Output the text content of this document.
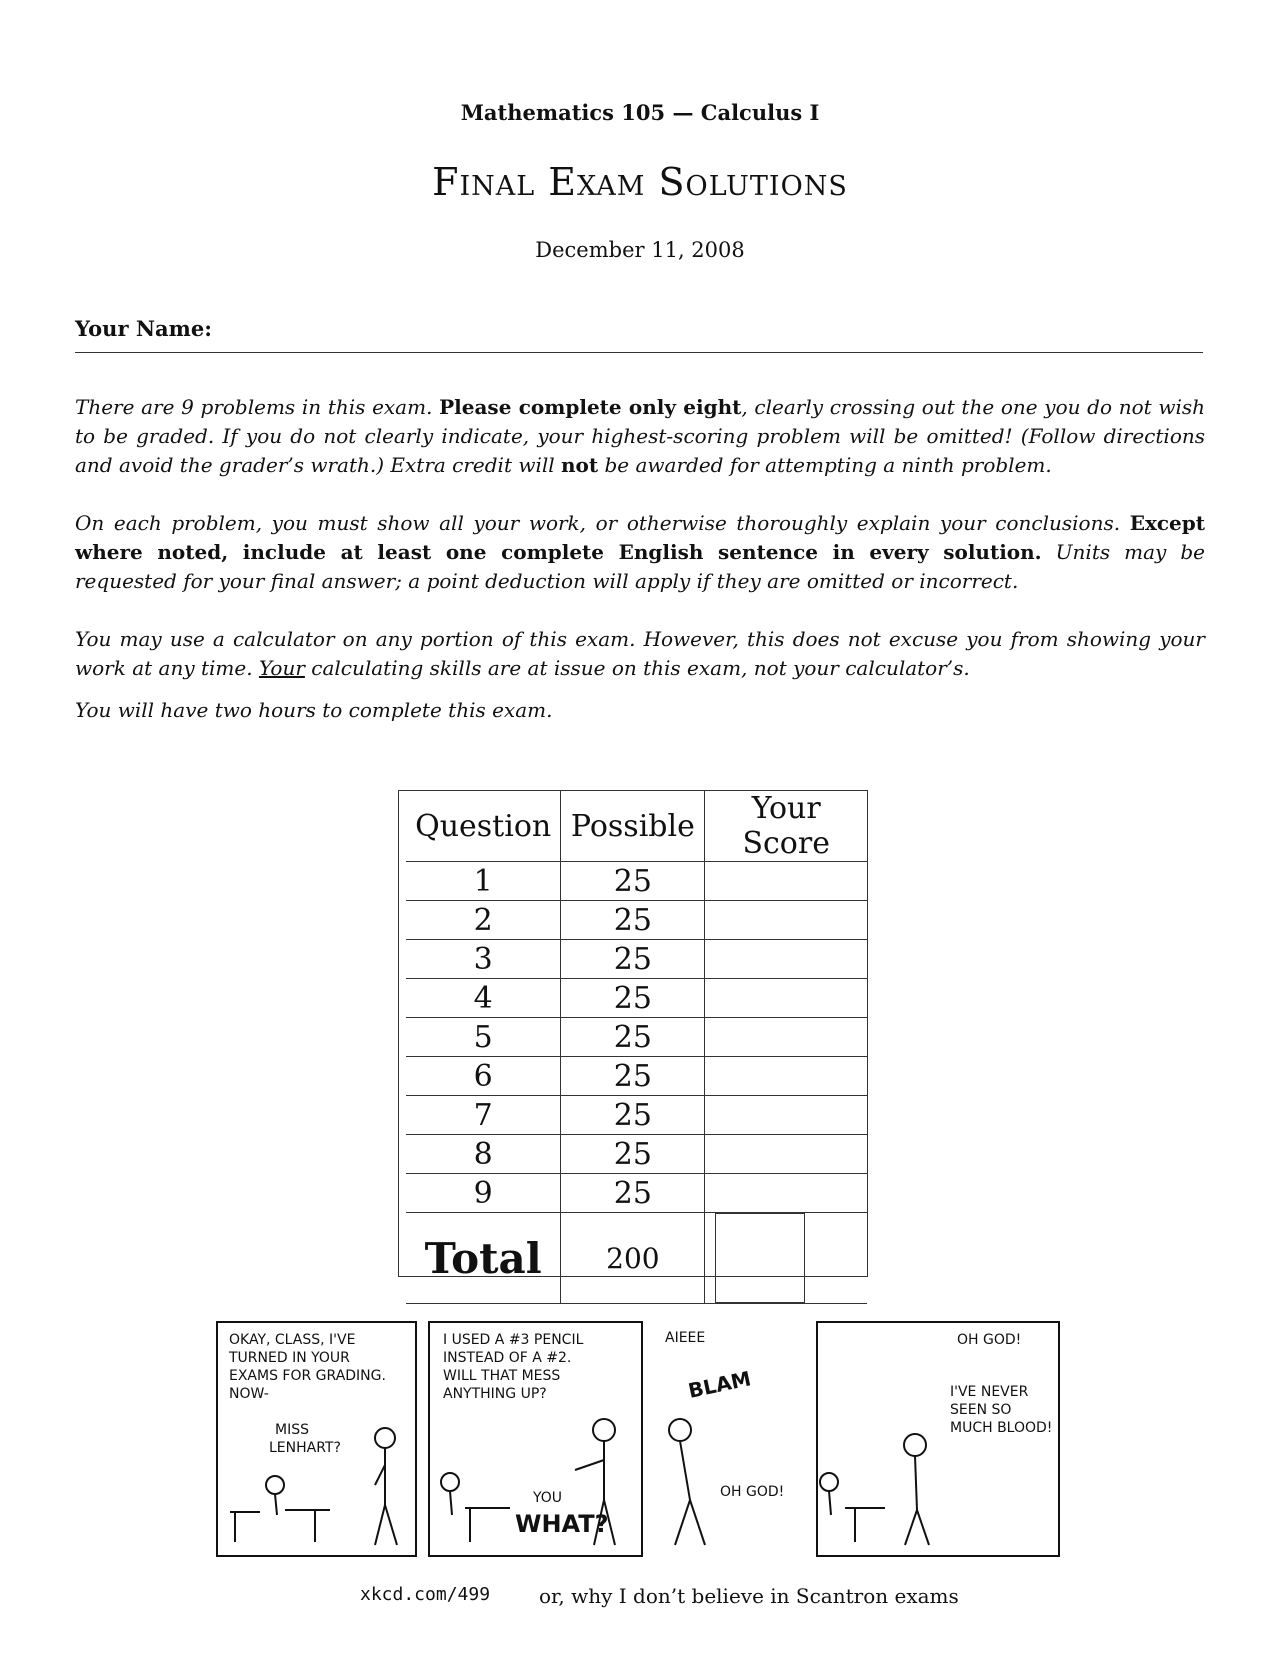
Mathematics 105 — Calculus I
Final Exam Solutions
December 11, 2008
Your Name:
There are 9 problems in this exam. Please complete only eight, clearly crossing out the one you do not wish to be graded. If you do not clearly indicate, your highest-scoring problem will be omitted! (Follow directions and avoid the grader’s wrath.) Extra credit will not be awarded for attempting a ninth problem.
On each problem, you must show all your work, or otherwise thoroughly explain your conclusions. Except where noted, include at least one complete English sentence in every solution. Units may be requested for your final answer; a point deduction will apply if they are omitted or incorrect.
You may use a calculator on any portion of this exam. However, this does not excuse you from showing your work at any time. Your calculating skills are at issue on this exam, not your calculator’s.
You will have two hours to complete this exam.
Question	Possible	Your Score
1	25	
2	25	
3	25	
4	25	
5	25	
6	25	
7	25	
8	25	
9	25	
Total	200	
OKAY, CLASS, I'VE
TURNED IN YOUR
EXAMS FOR GRADING.
NOW-
MISS
LENHART?
I USED A #3 PENCIL
INSTEAD OF A #2.
WILL THAT MESS
ANYTHING UP?
YOU
WHAT?
AIEEE
BLAM
OH GOD!
OH GOD!
I'VE NEVER
SEEN SO
MUCH BLOOD!
xkcd.com/499 or, why I don’t believe in Scantron exams
